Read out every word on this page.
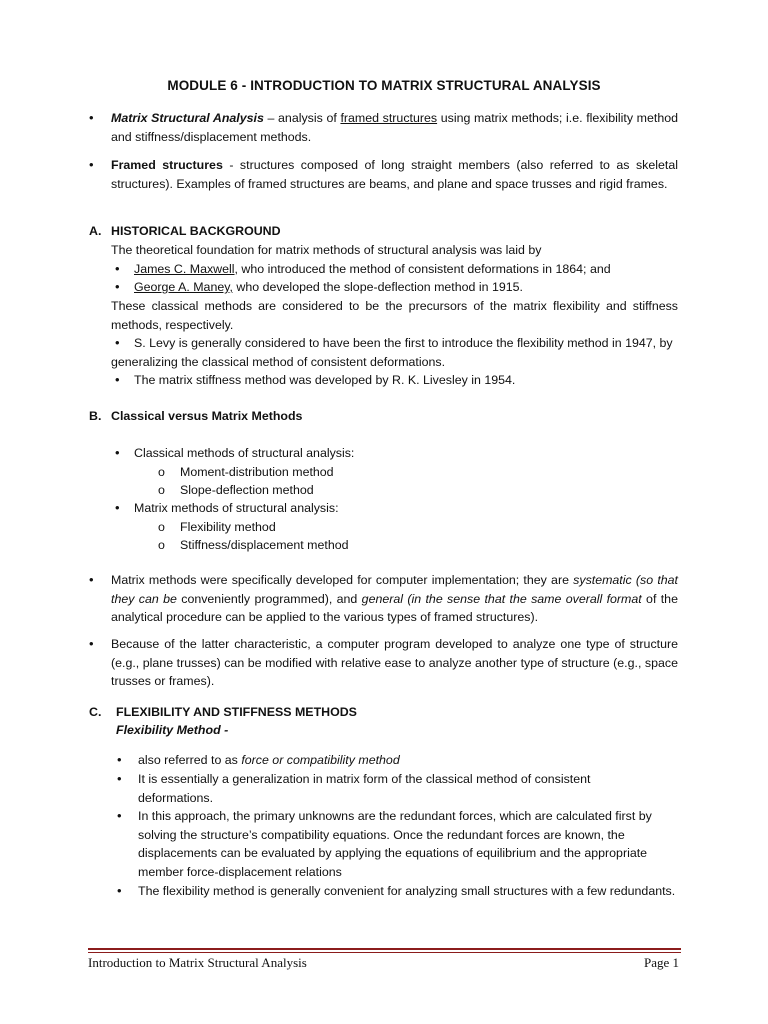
MODULE 6 - INTRODUCTION TO MATRIX STRUCTURAL ANALYSIS
• Matrix Structural Analysis – analysis of framed structures using matrix methods; i.e. flexibility method and stiffness/displacement methods.
• Framed structures - structures composed of long straight members (also referred to as skeletal structures). Examples of framed structures are beams, and plane and space trusses and rigid frames.
A. HISTORICAL BACKGROUND
The theoretical foundation for matrix methods of structural analysis was laid by
• James C. Maxwell, who introduced the method of consistent deformations in 1864; and
• George A. Maney, who developed the slope-deflection method in 1915.
These classical methods are considered to be the precursors of the matrix flexibility and stiffness methods, respectively.
•	S. Levy is generally considered to have been the first to introduce the flexibility method in 1947, by generalizing the classical method of consistent deformations.
• The matrix stiffness method was developed by R. K. Livesley in 1954.
B. Classical versus Matrix Methods
• Classical methods of structural analysis:
o Moment-distribution method
o Slope-deflection method
• Matrix methods of structural analysis:
o Flexibility method
o Stiffness/displacement method
• Matrix methods were specifically developed for computer implementation; they are systematic (so that they can be conveniently programmed), and general (in the sense that the same overall format of the analytical procedure can be applied to the various types of framed structures).
• Because of the latter characteristic, a computer program developed to analyze one type of structure (e.g., plane trusses) can be modified with relative ease to analyze another type of structure (e.g., space trusses or frames).
C. FLEXIBILITY AND STIFFNESS METHODS
Flexibility Method -
• also referred to as force or compatibility method
• It is essentially a generalization in matrix form of the classical method of consistent deformations.
• In this approach, the primary unknowns are the redundant forces, which are calculated first by solving the structure’s compatibility equations. Once the redundant forces are known, the displacements can be evaluated by applying the equations of equilibrium and the appropriate member force-displacement relations
• The flexibility method is generally convenient for analyzing small structures with a few redundants.
Introduction to Matrix Structural Analysis	Page 1
